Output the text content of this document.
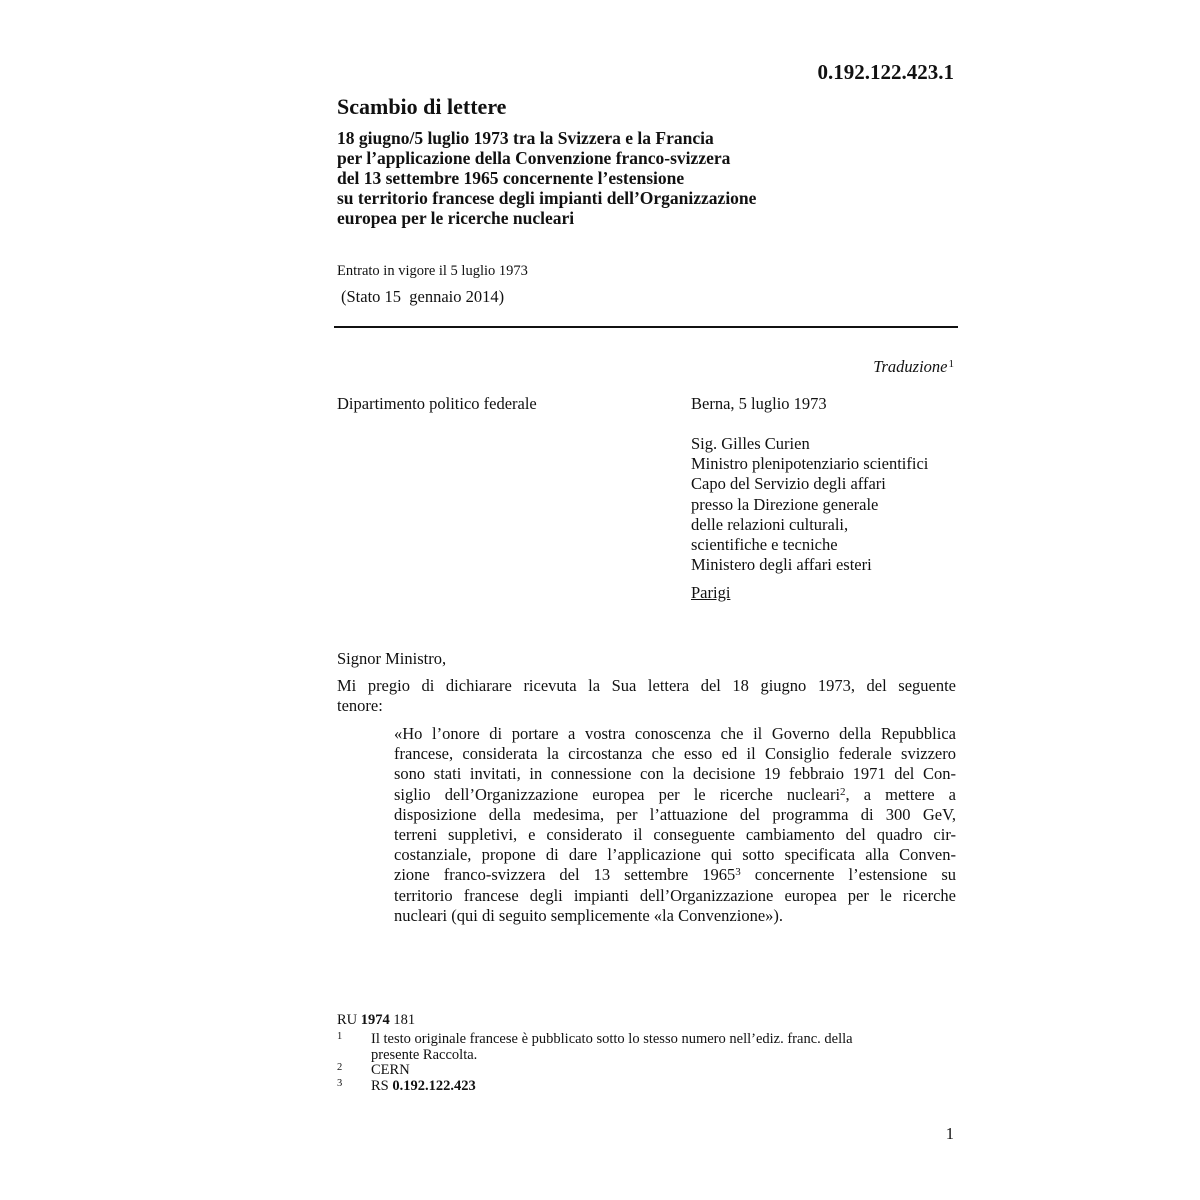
0.192.122.423.1
Scambio di lettere
18 giugno/5 luglio 1973 tra la Svizzera e la Francia
per l’applicazione della Convenzione franco-svizzera
del 13 settembre 1965 concernente l’estensione
su territorio francese degli impianti dell’Organizzazione
europea per le ricerche nucleari
Entrato in vigore il 5 luglio 1973
(Stato 15  gennaio 2014)
Traduzione$^1$
Dipartimento politico federale	Berna, 5 luglio 1973
Sig. Gilles Curien
Ministro plenipotenziario scientifici
Capo del Servizio degli affari
presso la Direzione generale
delle relazioni culturali,
scientifiche e tecniche
Ministero degli affari esteri
Parigi
Signor Ministro,
Mi pregio di dichiarare ricevuta la Sua lettera del 18 giugno 1973, del seguente
tenore:
«Ho l’onore di portare a vostra conoscenza che il Governo della Repubblica
francese, considerata la circostanza che esso ed il Consiglio federale svizzero
sono stati invitati, in connessione con la decisione 19 febbraio 1971 del Con-
siglio dell’Organizzazione europea per le ricerche nucleari$^2$, a mettere a
disposizione della medesima, per l’attuazione del programma di 300 GeV,
terreni suppletivi, e considerato il conseguente cambiamento del quadro cir-
costanziale, propone di dare l’applicazione qui sotto specificata alla Conven-
zione franco-svizzera del 13 settembre 1965$^3$ concernente l’estensione su
territorio francese degli impianti dell’Organizzazione europea per le ricerche
nucleari (qui di seguito semplicemente «la Convenzione»).
RU 1974 181
1 Il testo originale francese è pubblicato sotto lo stesso numero nell’ediz. franc. della
presente Raccolta.
2 CERN
3 RS 0.192.122.423
1
